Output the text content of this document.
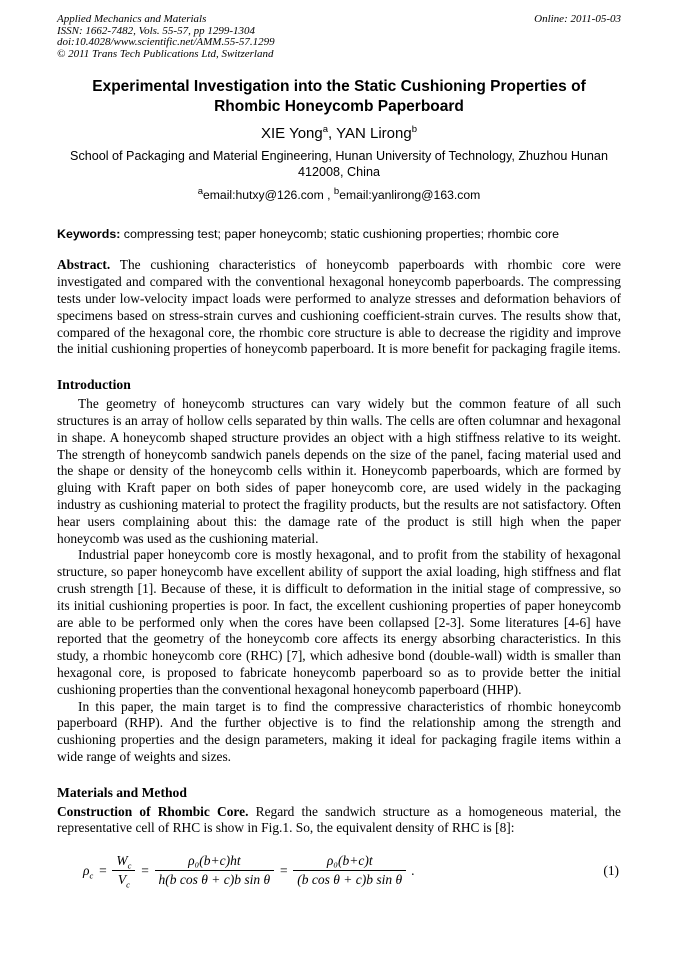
Applied Mechanics and Materials
ISSN: 1662-7482, Vols. 55-57, pp 1299-1304
doi:10.4028/www.scientific.net/AMM.55-57.1299
© 2011 Trans Tech Publications Ltd, Switzerland
Online: 2011-05-03
Experimental Investigation into the Static Cushioning Properties of Rhombic Honeycomb Paperboard
XIE Yong$^a$, YAN Lirong$^b$
School of Packaging and Material Engineering, Hunan University of Technology, Zhuzhou Hunan 412008, China
$^a$email:hutxy@126.com , $^b$email:yanlirong@163.com
Keywords: compressing test; paper honeycomb; static cushioning properties; rhombic core

Abstract. The cushioning characteristics of honeycomb paperboards with rhombic core were investigated and compared with the conventional hexagonal honeycomb paperboards. The compressing tests under low-velocity impact loads were performed to analyze stresses and deformation behaviors of specimens based on stress-strain curves and cushioning coefficient-strain curves. The results show that, compared of the hexagonal core, the rhombic core structure is able to decrease the rigidity and improve the initial cushioning properties of honeycomb paperboard. It is more benefit for packaging fragile items.

Introduction

The geometry of honeycomb structures can vary widely but the common feature of all such structures is an array of hollow cells separated by thin walls. The cells are often columnar and hexagonal in shape. A honeycomb shaped structure provides an object with a high stiffness relative to its weight. The strength of honeycomb sandwich panels depends on the size of the panel, facing material used and the shape or density of the honeycomb cells within it. Honeycomb paperboards, which are formed by gluing with Kraft paper on both sides of paper honeycomb core, are used widely in the packaging industry as cushioning material to protect the fragility products, but the results are not satisfactory. Often hear users complaining about this: the damage rate of the product is still high when the paper honeycomb was used as the cushioning material.

Industrial paper honeycomb core is mostly hexagonal, and to profit from the stability of hexagonal structure, so paper honeycomb have excellent ability of support the axial loading, high stiffness and flat crush strength [1]. Because of these, it is difficult to deformation in the initial stage of compressive, so its initial cushioning properties is poor. In fact, the excellent cushioning properties of paper honeycomb are able to be performed only when the cores have been collapsed [2-3]. Some literatures [4-6] have reported that the geometry of the honeycomb core affects its energy absorbing characteristics. In this study, a rhombic honeycomb core (RHC) [7], which adhesive bond (double-wall) width is smaller than hexagonal core, is proposed to fabricate honeycomb paperboard so as to provide better the initial cushioning properties than the conventional hexagonal honeycomb paperboard (HHP).

In this paper, the main target is to find the compressive characteristics of rhombic honeycomb paperboard (RHP). And the further objective is to find the relationship among the strength and cushioning properties and the design parameters, making it ideal for packaging fragile items within a wide range of weights and sizes.

Materials and Method

Construction of Rhombic Core. Regard the sandwich structure as a homogeneous material, the representative cell of RHC is show in Fig.1. So, the equivalent density of RHC is [8]:

$\rho_c = \frac{W_c}{V_c} = \frac{\text{ρ₀(b+c)ht}}{\text{h(b cos θ + c)b sin θ}} = \frac{\text{ρ₀(b+c)t}}{\text{(b cos θ + c)b sin θ}}$ .	(1)
